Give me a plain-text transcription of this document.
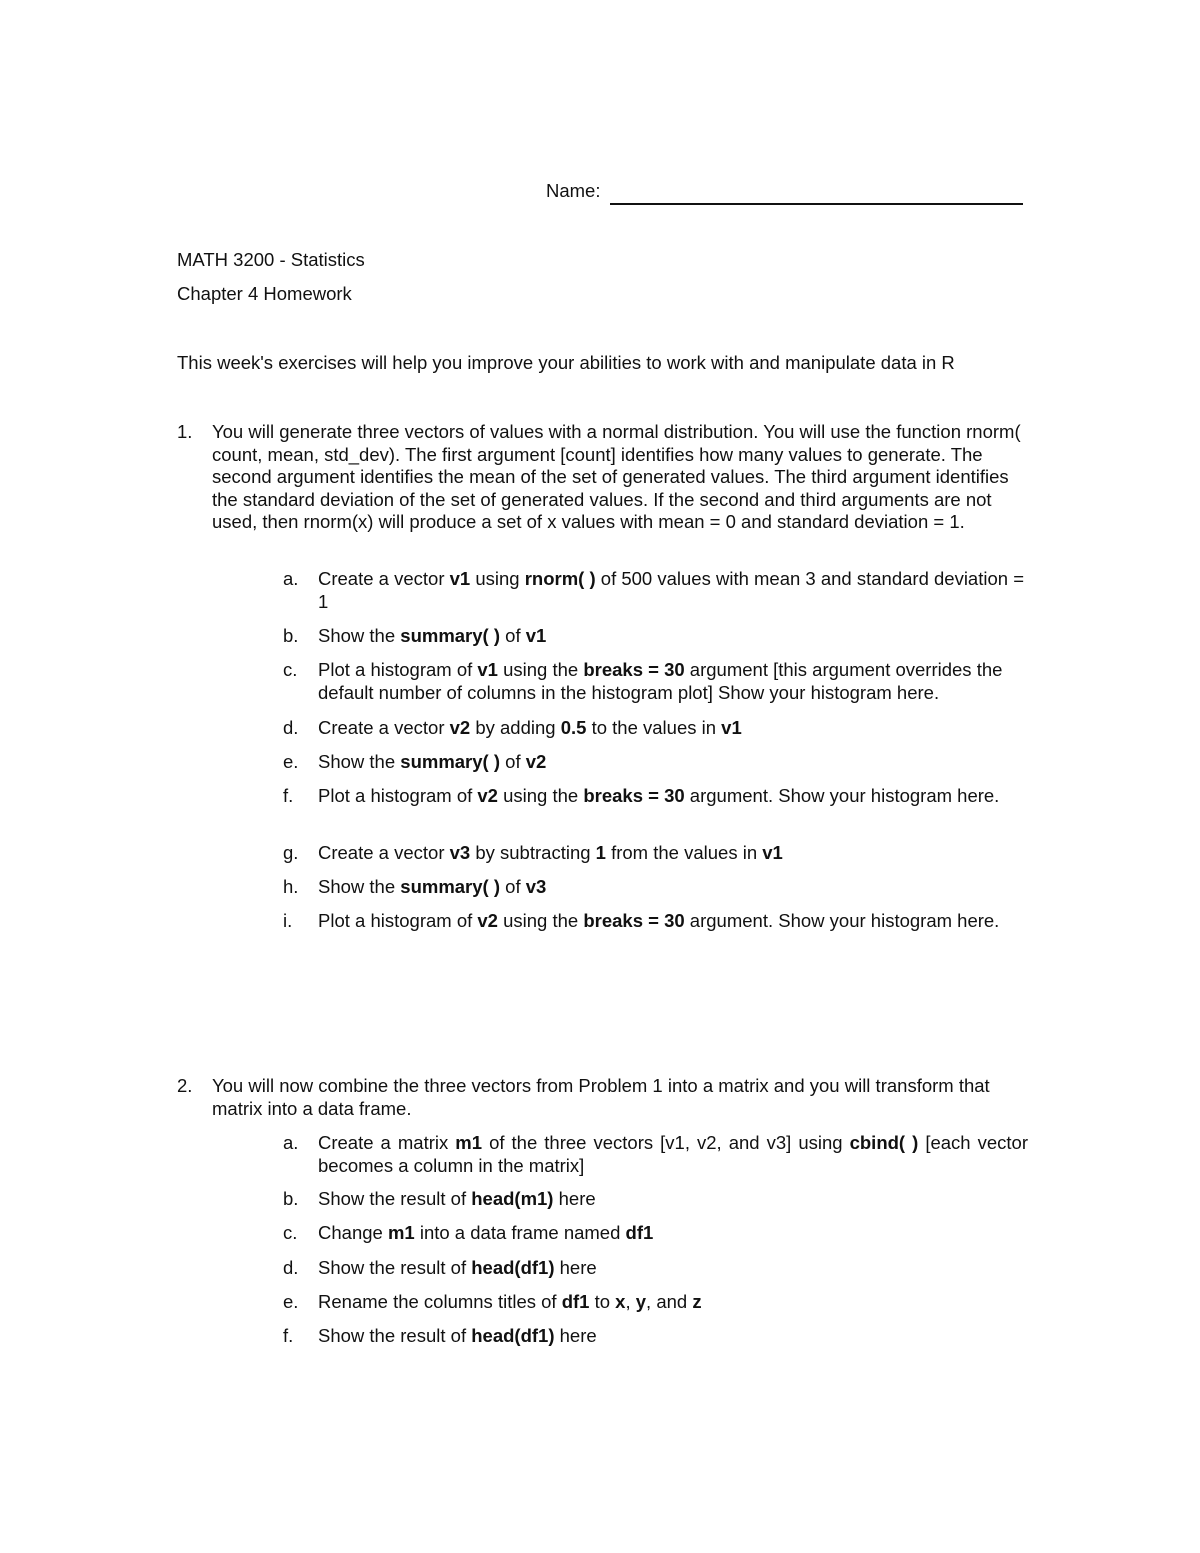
Name:
MATH 3200 - Statistics
Chapter 4 Homework
This week's exercises will help you improve your abilities to work with and manipulate data in R
1. You will generate three vectors of values with a normal distribution. You will use the function rnorm( count, mean, std_dev). The first argument [count] identifies how many values to generate. The second argument identifies the mean of the set of generated values. The third argument identifies the standard deviation of the set of generated values. If the second and third arguments are not used, then rnorm(x) will produce a set of x values with mean = 0 and standard deviation = 1.
a. Create a vector v1 using rnorm( ) of 500 values with mean 3 and standard deviation = 1
b. Show the summary( ) of v1
c. Plot a histogram of v1 using the breaks = 30 argument [this argument overrides the default number of columns in the histogram plot] Show your histogram here.
d. Create a vector v2 by adding 0.5 to the values in v1
e. Show the summary( ) of v2
f. Plot a histogram of v2 using the breaks = 30 argument. Show your histogram here.
g. Create a vector v3 by subtracting 1 from the values in v1
h. Show the summary( ) of v3
i. Plot a histogram of v2 using the breaks = 30 argument. Show your histogram here.
2. You will now combine the three vectors from Problem 1 into a matrix and you will transform that matrix into a data frame.
a. Create a matrix m1 of the three vectors [v1, v2, and v3] using cbind( ) [each vector becomes a column in the matrix]
b. Show the result of head(m1) here
c. Change m1 into a data frame named df1
d. Show the result of head(df1) here
e. Rename the columns titles of df1 to x, y, and z
f. Show the result of head(df1) here
